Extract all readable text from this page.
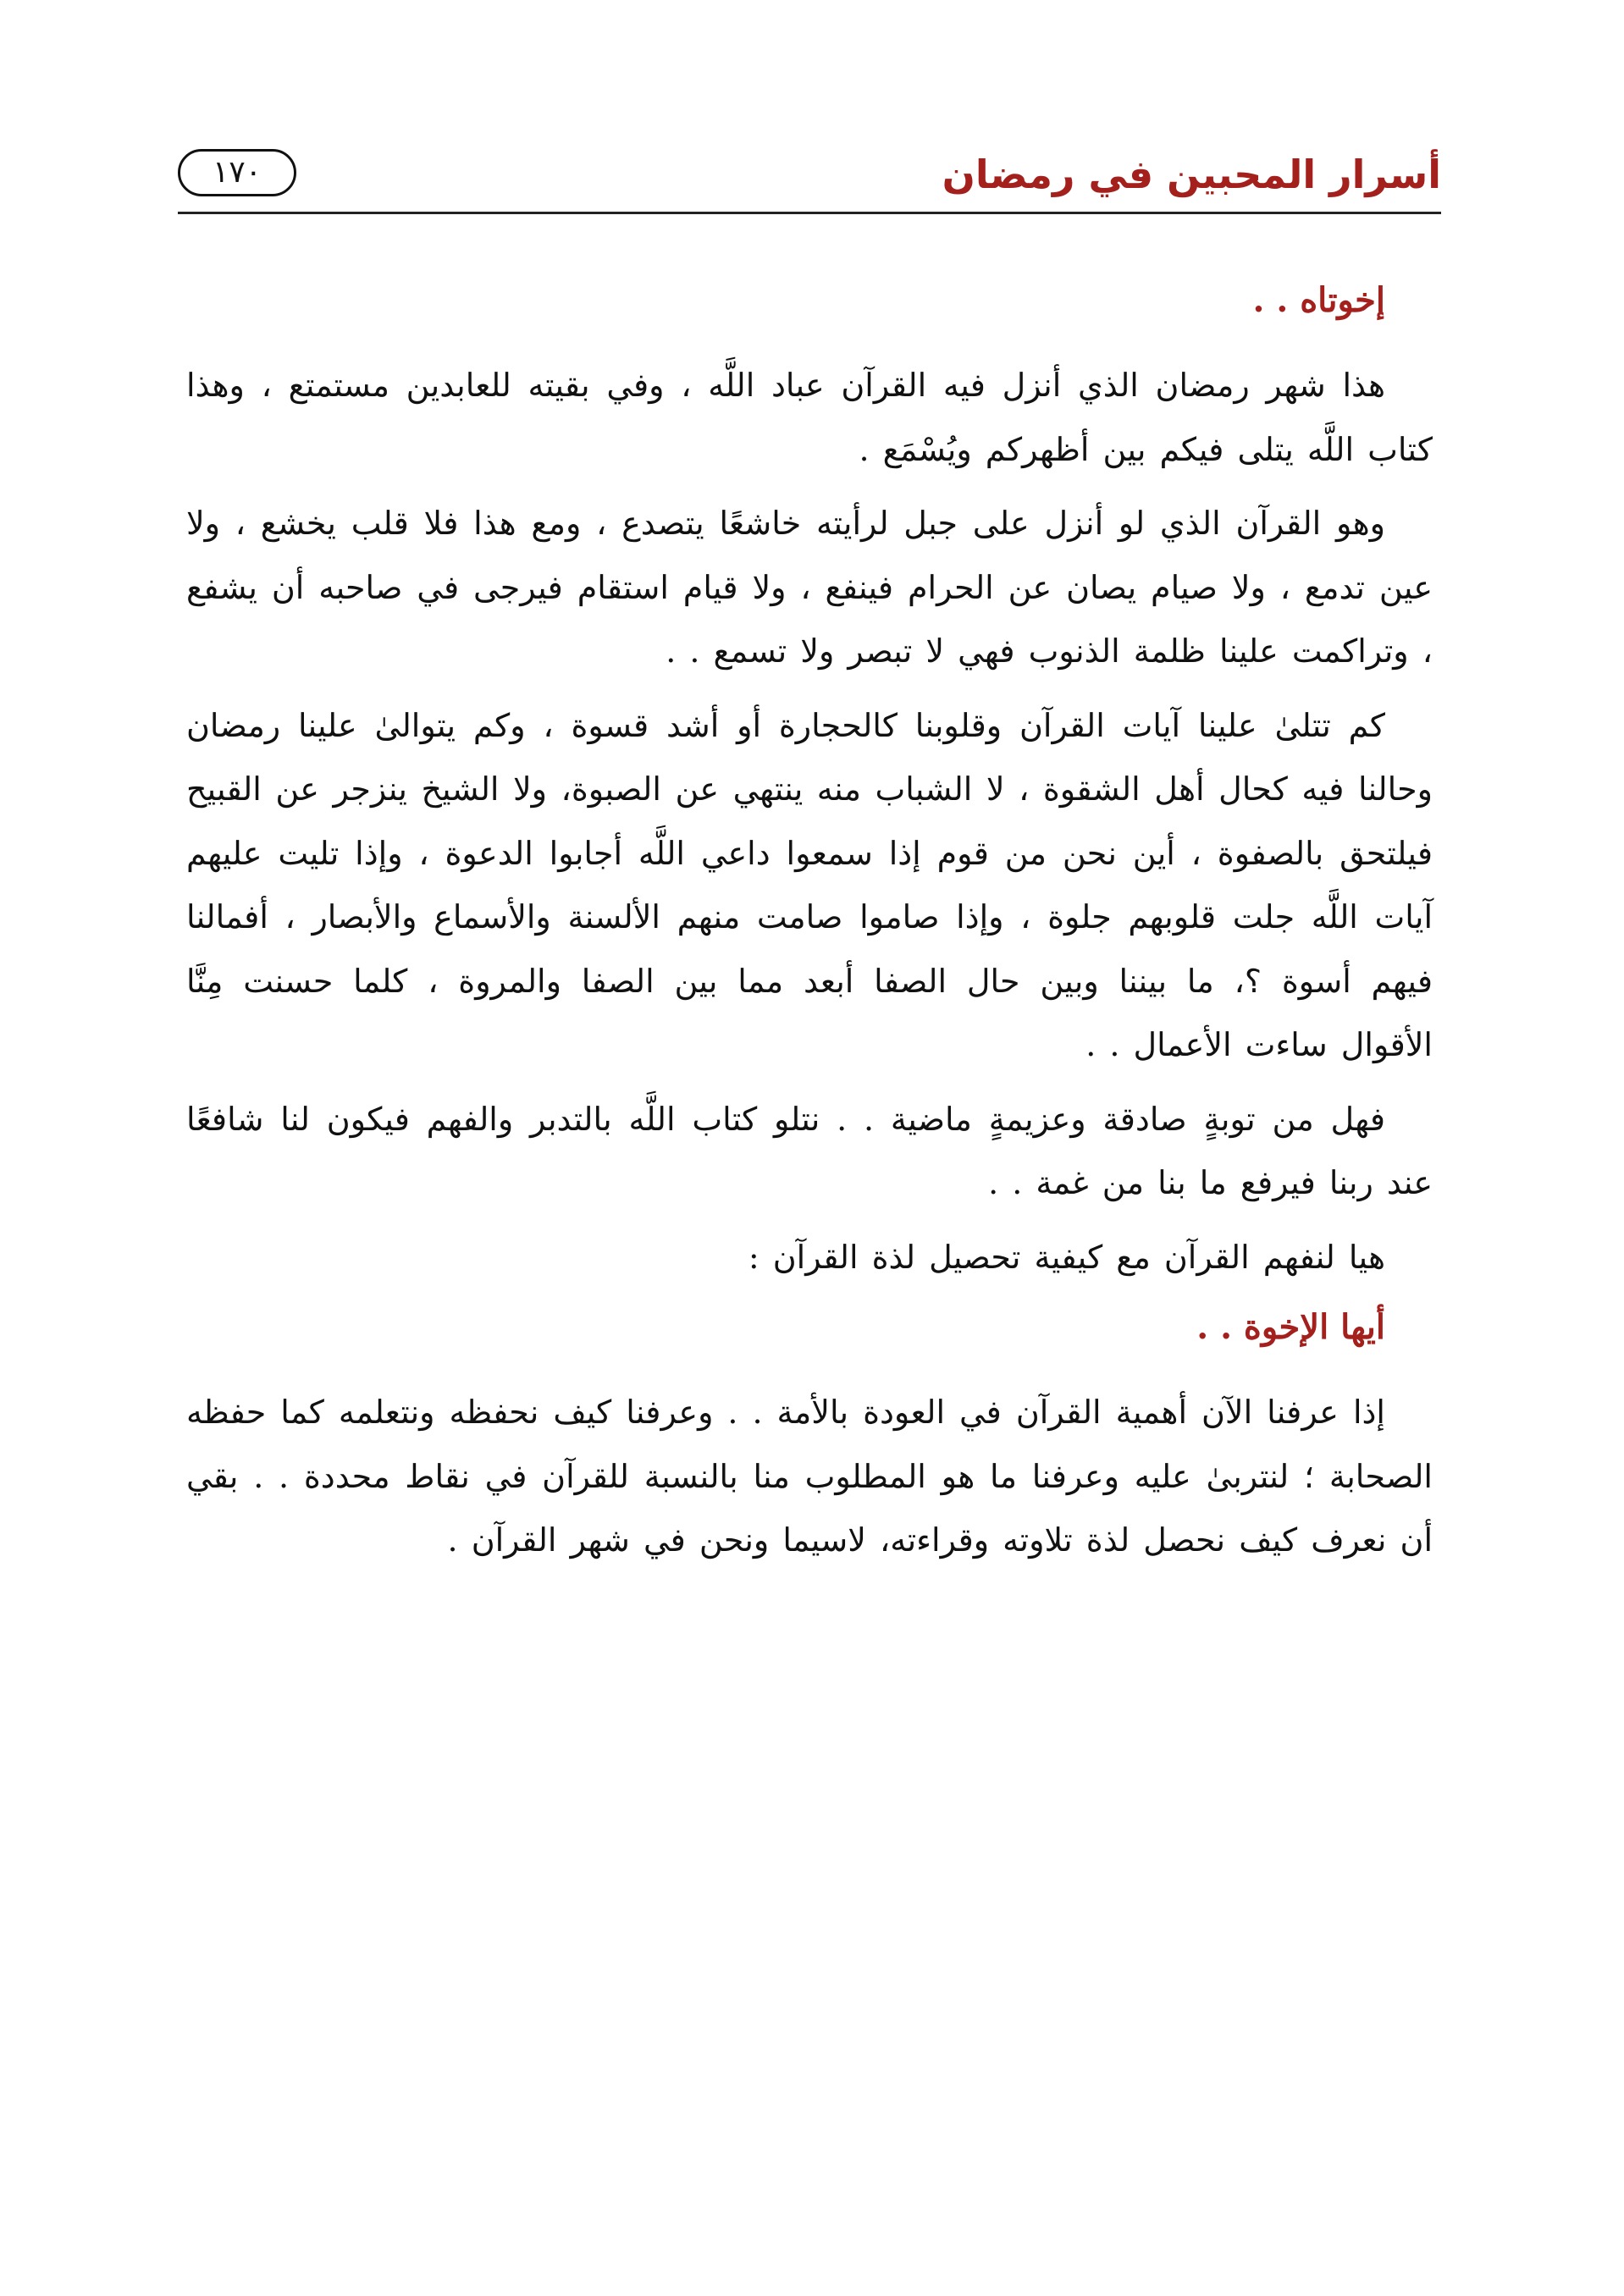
أسرار المحبين في رمضان
١٧٠
إخوتاه . .

هذا شهر رمضان الذي أنزل فيه القرآن عباد اللَّه ، وفي بقيته للعابدين مستمتع ، وهذا كتاب اللَّه يتلى فيكم بين أظهركم ويُسْمَع .

وهو القرآن الذي لو أنزل على جبل لرأيته خاشعًا يتصدع ، ومع هذا فلا قلب يخشع ، ولا عين تدمع ، ولا صيام يصان عن الحرام فينفع ، ولا قيام استقام فيرجى في صاحبه أن يشفع ، وتراكمت علينا ظلمة الذنوب فهي لا تبصر ولا تسمع . .

كم تتلىٰ علينا آيات القرآن وقلوبنا كالحجارة أو أشد قسوة ، وكم يتوالىٰ علينا رمضان وحالنا فيه كحال أهل الشقوة ، لا الشباب منه ينتهي عن الصبوة، ولا الشيخ ينزجر عن القبيح فيلتحق بالصفوة ، أين نحن من قوم إذا سمعوا داعي اللَّه أجابوا الدعوة ، وإذا تليت عليهم آيات اللَّه جلت قلوبهم جلوة ، وإذا صاموا صامت منهم الألسنة والأسماع والأبصار ، أفمالنا فيهم أسوة ؟، ما بيننا وبين حال الصفا أبعد مما بين الصفا والمروة ، كلما حسنت مِنَّا الأقوال ساءت الأعمال . .

فهل من توبةٍ صادقة وعزيمةٍ ماضية . . نتلو كتاب اللَّه بالتدبر والفهم فيكون لنا شافعًا عند ربنا فيرفع ما بنا من غمة . .

هيا لنفهم القرآن مع كيفية تحصيل لذة القرآن :

أيها الإخوة . .

إذا عرفنا الآن أهمية القرآن في العودة بالأمة . . وعرفنا كيف نحفظه ونتعلمه كما حفظه الصحابة ؛ لنتربىٰ عليه وعرفنا ما هو المطلوب منا بالنسبة للقرآن في نقاط محددة . . بقي أن نعرف كيف نحصل لذة تلاوته وقراءته، لاسيما ونحن في شهر القرآن .
